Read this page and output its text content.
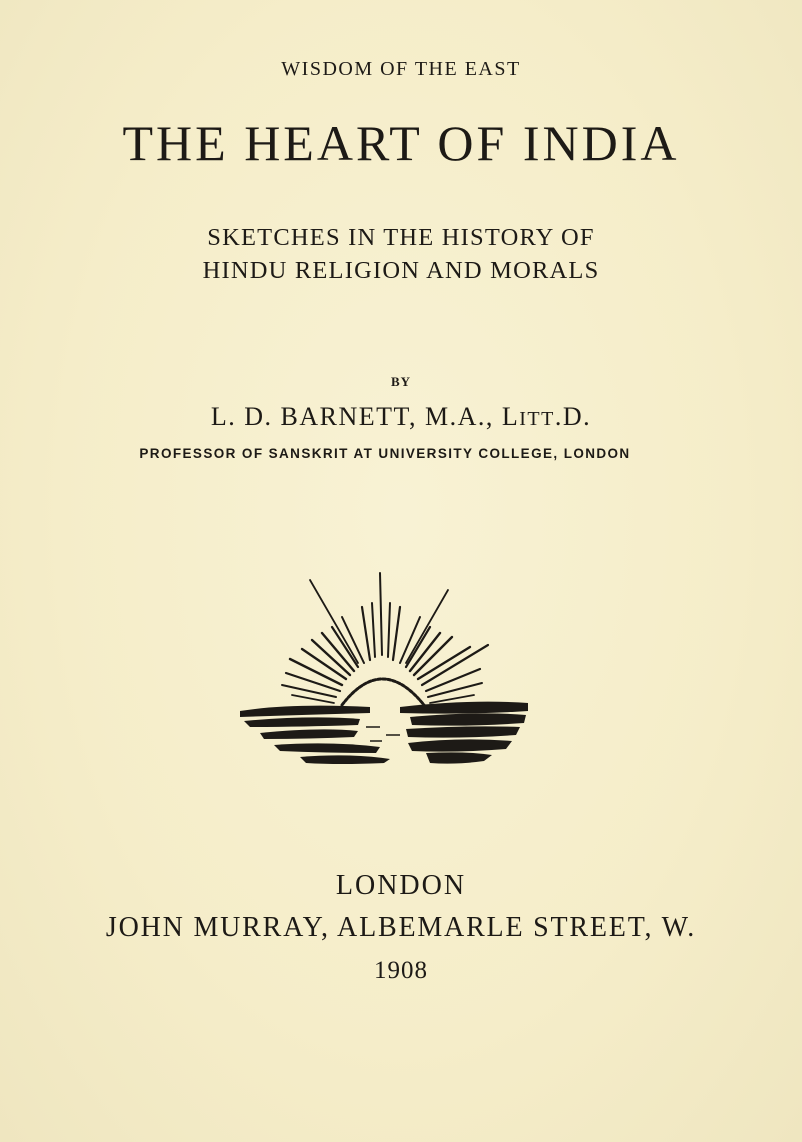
WISDOM OF THE EAST
THE HEART OF INDIA
SKETCHES IN THE HISTORY OF
HINDU RELIGION AND MORALS
BY
L. D. BARNETT, M.A., LITT.D.
PROFESSOR OF SANSKRIT AT UNIVERSITY COLLEGE, LONDON
LONDON
JOHN MURRAY, ALBEMARLE STREET, W.
1908
